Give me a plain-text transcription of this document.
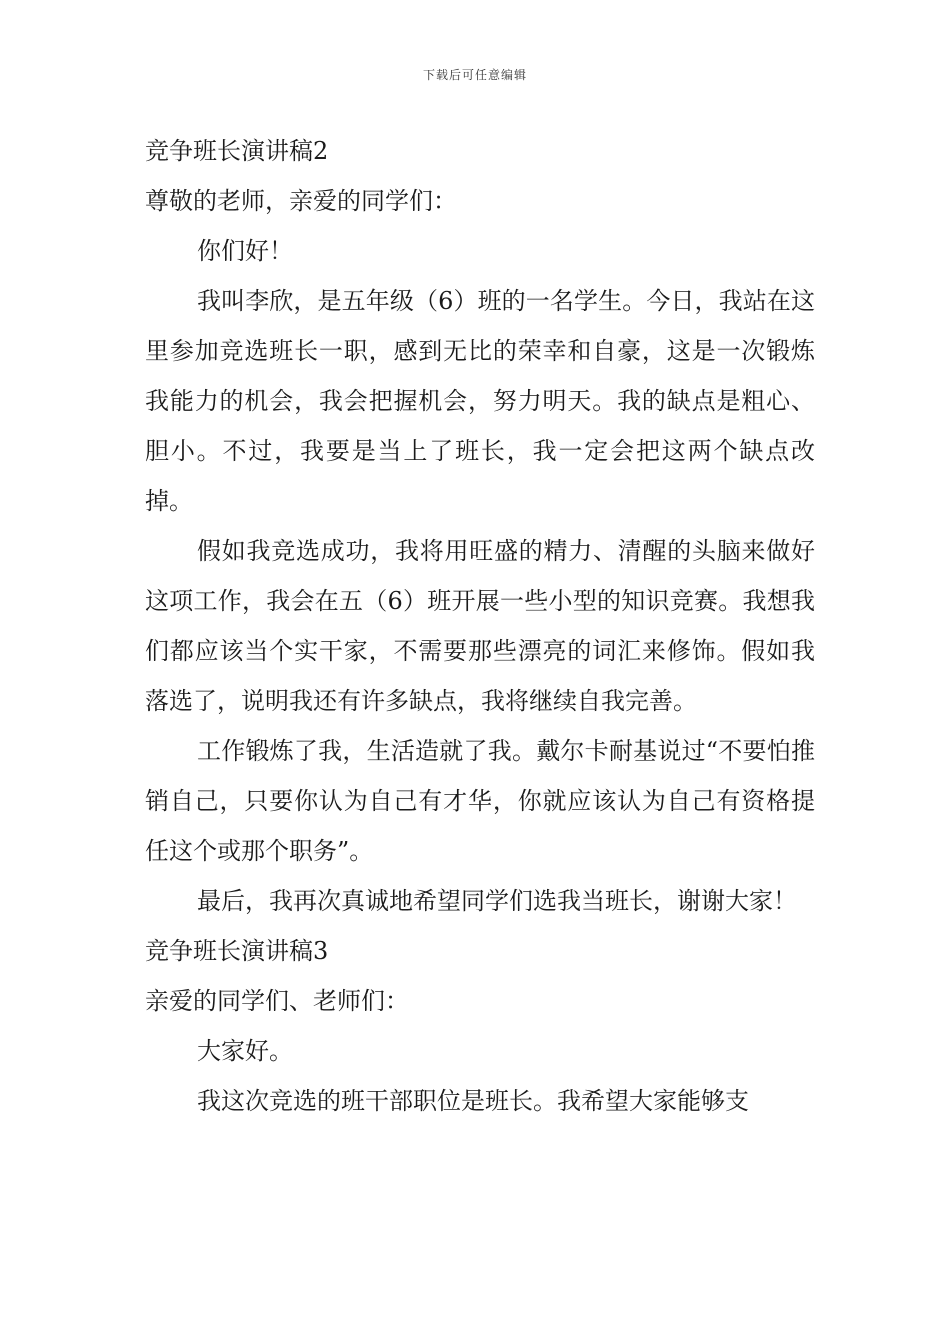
下载后可任意编辑
竞争班长演讲稿2

尊敬的老师，亲爱的同学们：

你们好！

我叫李欣，是五年级（6）班的一名学生。今日，我站在这里参加竞选班长一职，感到无比的荣幸和自豪，这是一次锻炼我能力的机会，我会把握机会，努力明天。我的缺点是粗心、胆小。不过，我要是当上了班长，我一定会把这两个缺点改掉。

假如我竞选成功，我将用旺盛的精力、清醒的头脑来做好这项工作，我会在五（6）班开展一些小型的知识竞赛。我想我们都应该当个实干家，不需要那些漂亮的词汇来修饰。假如我落选了，说明我还有许多缺点，我将继续自我完善。

工作锻炼了我，生活造就了我。戴尔卡耐基说过“不要怕推销自己，只要你认为自己有才华，你就应该认为自己有资格提任这个或那个职务”。

最后，我再次真诚地希望同学们选我当班长，谢谢大家！

竞争班长演讲稿3

亲爱的同学们、老师们：

大家好。

我这次竞选的班干部职位是班长。我希望大家能够支
